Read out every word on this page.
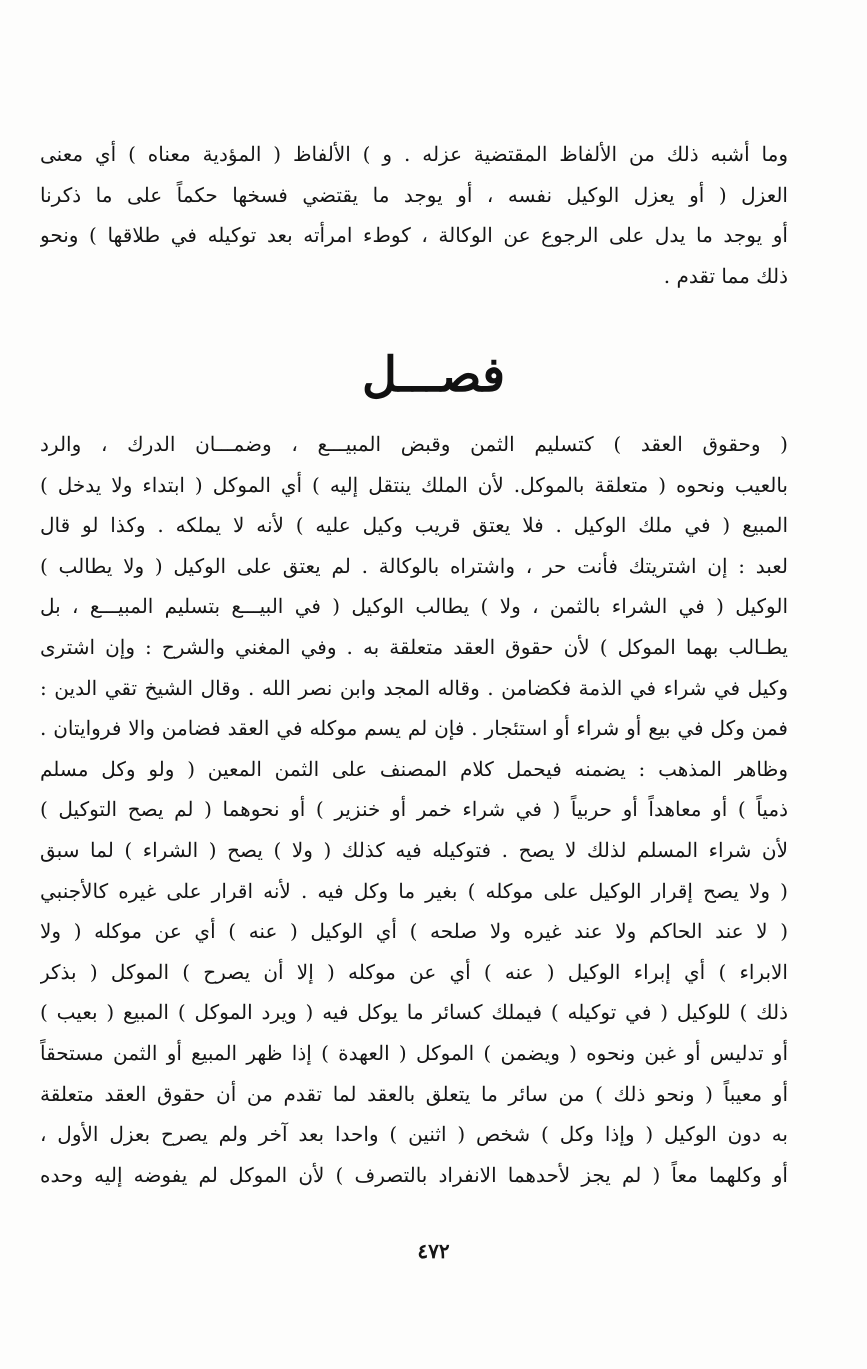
وما أشبه ذلك من الألفاظ المقتضية عزله . و ) الألفاظ ( المؤدية معناه ) أي معنى
العزل ( أو يعزل الوكيل نفسه ، أو يوجد ما يقتضي فسخها حكماً على ما ذكرنا
أو يوجد ما يدل على الرجوع عن الوكالة ، كوطء امرأته بعد توكيله في طلاقها ) ونحو
ذلك مما تقدم .
فصـــل
( وحقوق العقد ) كتسليم الثمن وقبض المبيـــع ، وضمـــان الدرك ، والرد
بالعيب ونحوه ( متعلقة بالموكل. لأن الملك ينتقل إليه ) أي الموكل ( ابتداء ولا يدخل )
المبيع ( في ملك الوكيل . فلا يعتق قريب وكيل عليه ) لأنه لا يملكه . وكذا لو قال
لعبد : إن اشتريتك فأنت حر ، واشتراه بالوكالة . لم يعتق على الوكيل ( ولا يطالب )
الوكيل ( في الشراء بالثمن ، ولا ) يطالب الوكيل ( في البيـــع بتسليم المبيـــع ، بل
يطـالب بهما الموكل ) لأن حقوق العقد متعلقة به . وفي المغني والشرح : وإن اشترى
وكيل في شراء في الذمة فكضامن . وقاله المجد وابن نصر الله . وقال الشيخ تقي الدين :
فمن وكل في بيع أو شراء أو استئجار . فإن لم يسم موكله في العقد فضامن والا فروايتان .
وظاهر المذهب : يضمنه فيحمل كلام المصنف على الثمن المعين ( ولو وكل مسلم
ذمياً ) أو معاهداً أو حربياً ( في شراء خمر أو خنزير ) أو نحوهما ( لم يصح التوكيل )
لأن شراء المسلم لذلك لا يصح . فتوكيله فيه كذلك ( ولا ) يصح ( الشراء ) لما سبق
( ولا يصح إقرار الوكيل على موكله ) بغير ما وكل فيه . لأنه اقرار على غيره كالأجنبي
( لا عند الحاكم ولا عند غيره ولا صلحه ) أي الوكيل ( عنه ) أي عن موكله ( ولا
الابراء ) أي إبراء الوكيل ( عنه ) أي عن موكله ( إلا أن يصرح ) الموكل ( بذكر
ذلك ) للوكيل ( في توكيله ) فيملك كسائر ما يوكل فيه ( ويرد الموكل ) المبيع ( بعيب )
أو تدليس أو غبن ونحوه ( ويضمن ) الموكل ( العهدة ) إذا ظهر المبيع أو الثمن مستحقاً
أو معيباً ( ونحو ذلك ) من سائر ما يتعلق بالعقد لما تقدم من أن حقوق العقد متعلقة
به دون الوكيل ( وإذا وكل ) شخص ( اثنين ) واحدا بعد آخر ولم يصرح بعزل الأول ،
أو وكلهما معاً ( لم يجز لأحدهما الانفراد بالتصرف ) لأن الموكل لم يفوضه إليه وحده
٤٧٢
